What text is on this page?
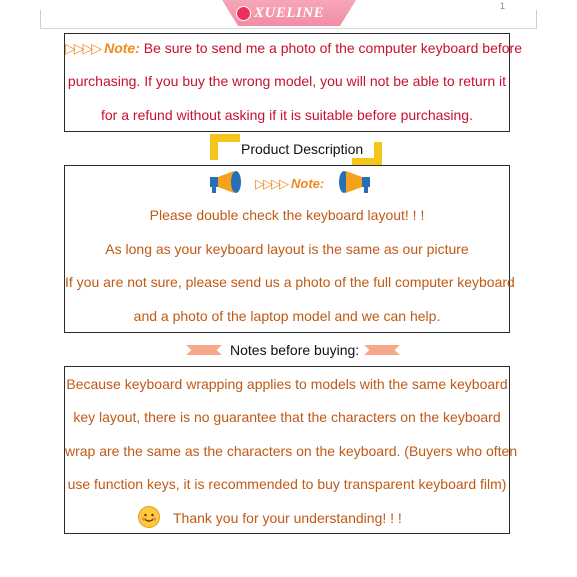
XUELINE	1
▷▷▷▷ Note: Be sure to send me a photo of the computer keyboard before
purchasing. If you buy the wrong model, you will not be able to return it
for a refund without asking if it is suitable before purchasing.
Product Description
▷▷▷▷ Note:
Please double check the keyboard layout! ! !
As long as your keyboard layout is the same as our picture
If you are not sure, please send us a photo of the full computer keyboard
and a photo of the laptop model and we can help.
Notes before buying:
Because keyboard wrapping applies to models with the same keyboard
key layout, there is no guarantee that the characters on the keyboard
wrap are the same as the characters on the keyboard. (Buyers who often
use function keys, it is recommended to buy transparent keyboard film)
Thank you for your understanding! ! !
